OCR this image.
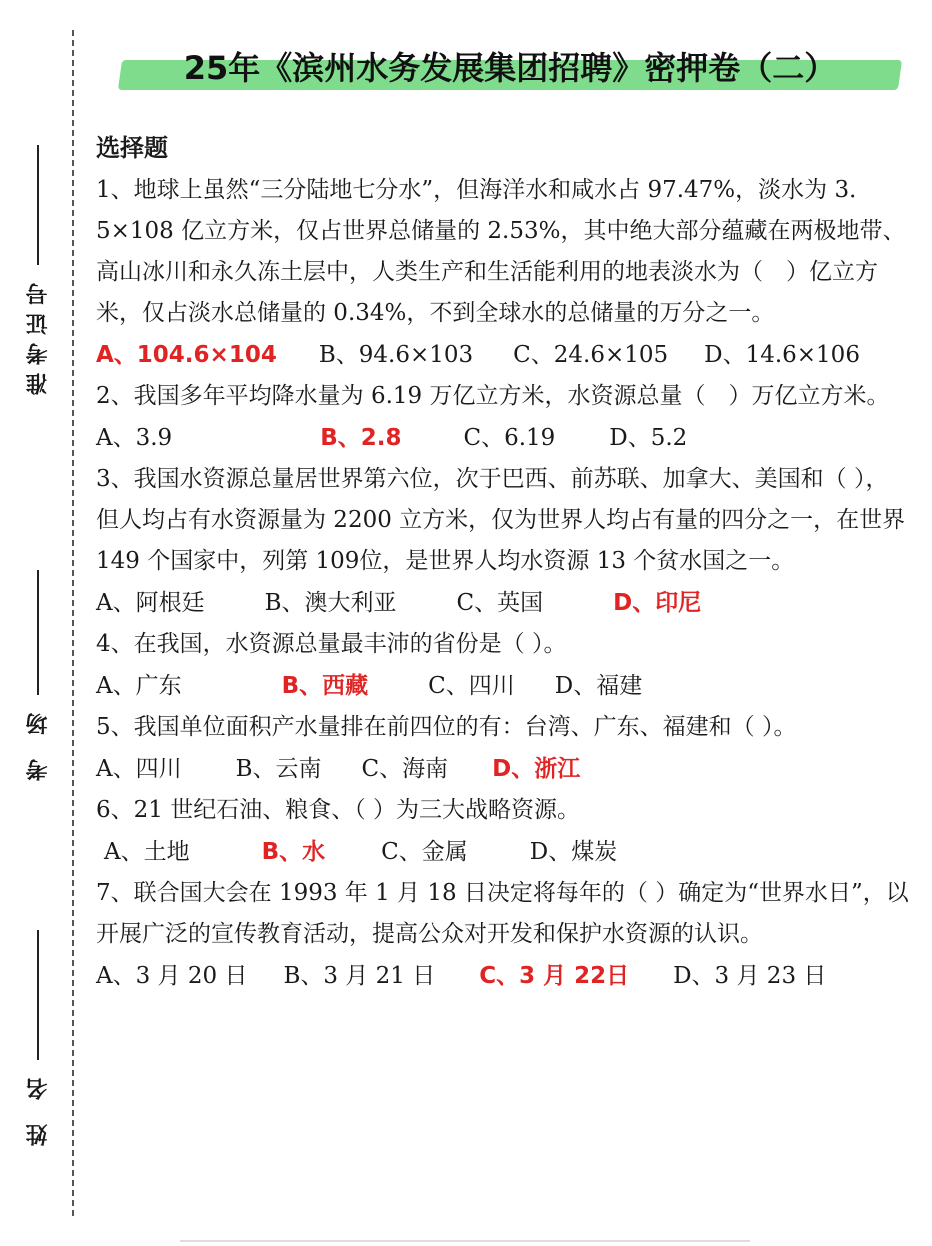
准考证号
考 场
姓 名
25年《滨州水务发展集团招聘》密押卷（二）
选择题

1、地球上虽然“三分陆地七分水”，但海洋水和咸水占 97.47%，淡水为 3．5×108 亿立方米，仅占世界总储量的 2.53%，其中绝大部分蕴藏在两极地带、高山冰川和永久冻土层中，人类生产和生活能利用的地表淡水为（　）亿立方米，仅占淡水总储量的 0.34%，不到全球水的总储量的万分之一。

A、104.6×104 B、94.6×103 C、24.6×105 D、14.6×106

2、我国多年平均降水量为 6.19 万亿立方米，水资源总量（　）万亿立方米。

A、3.9	B、2.8	C、6.19 D、5.2

3、我国水资源总量居世界第六位，次于巴西、前苏联、加拿大、美国和（ ），但人均占有水资源量为 2200 立方米，仅为世界人均占有量的四分之一，在世界 149 个国家中，列第 109位，是世界人均水资源 13 个贫水国之一。

A、阿根廷	B、澳大利亚	C、英国	D、印尼

4、在我国，水资源总量最丰沛的省份是（ ）。

A、广东	B、西藏	C、四川 D、福建

5、我国单位面积产水量排在前四位的有：台湾、广东、福建和（ ）。

A、四川 B、云南 C、海南 D、浙江

6、21 世纪石油、粮食、（ ）为三大战略资源。

A、土地	B、水 C、金属	D、煤炭

7、联合国大会在 1993 年 1 月 18 日决定将每年的（ ）确定为“世界水日”，以开展广泛的宣传教育活动，提高公众对开发和保护水资源的认识。

A、3 月 20 日 B、3 月 21 日 C、3 月 22日 D、3 月 23 日
